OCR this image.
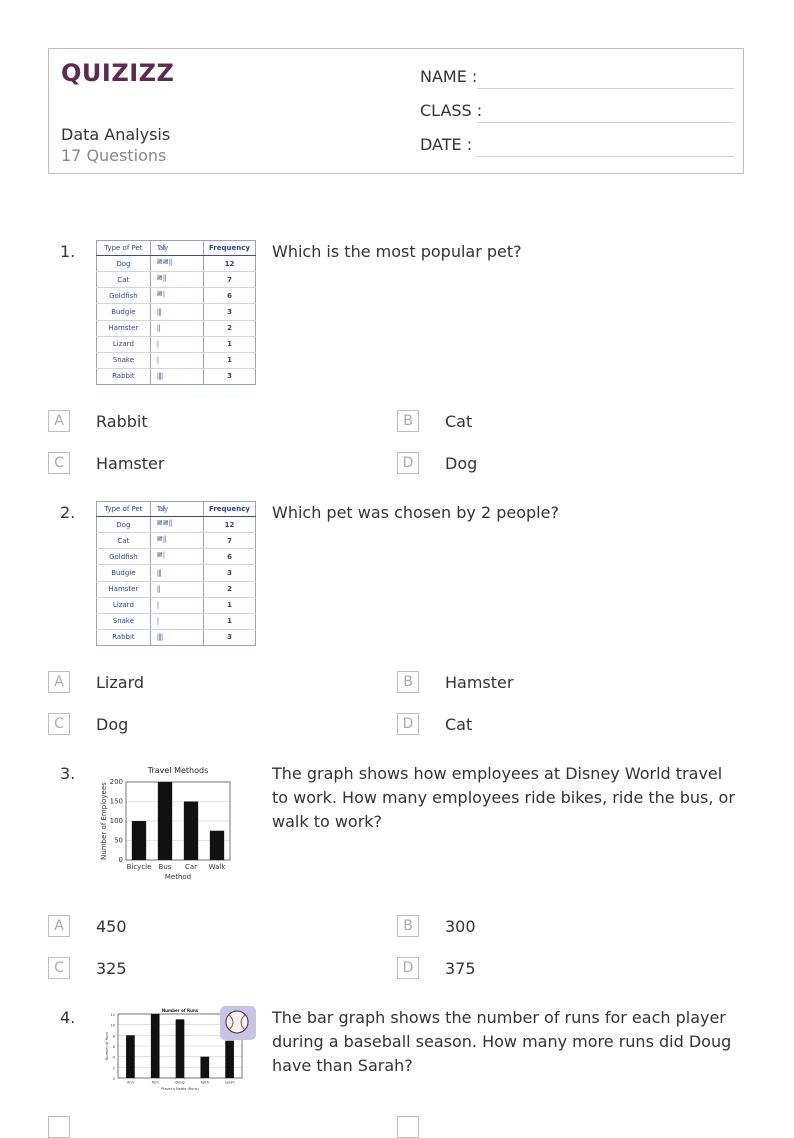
QUIZIZZ
Data Analysis
17 Questions
NAME :
CLASS :
DATE :
1.	Type of Pet	Tally	Frequency
Dog	𝍸 𝍸 ||	12
Cat	𝍸 ||	7
Goldfish	𝍸 |	6
Budgie	|||	3
Hamster	||	2
Lizard	|	1
Snake	|	1
Rabbit	||||	3
Which is the most popular pet?
A	Rabbit	B	Cat
C	Hamster	D	Dog
2.	Type of Pet	Tally	Frequency
Dog	𝍸 𝍸 ||	12
Cat	𝍸 ||	7
Goldfish	𝍸 |	6
Budgie	|||	3
Hamster	||	2
Lizard	|	1
Snake	|	1
Rabbit	||||	3
Which pet was chosen by 2 people?
A	Lizard	B	Hamster
C	Dog	D	Cat
3.	Travel Methods
0
50
100
150
200
Bicycle Bus Car Walk
Method
Number of Employees
The graph shows how employees at Disney World travel to work. How many employees ride bikes, ride the bus, or walk to work?
A	450	B	300
C	325	D	375
4.	Number of Runs
0
2
4
6
8
10
12
Ann	Tom	Doug	Faith	Sarah
Player's Name (Runs)
Number of Runs
The bar graph shows the number of runs for each player during a baseball season. How many more runs did Doug have than Sarah?
